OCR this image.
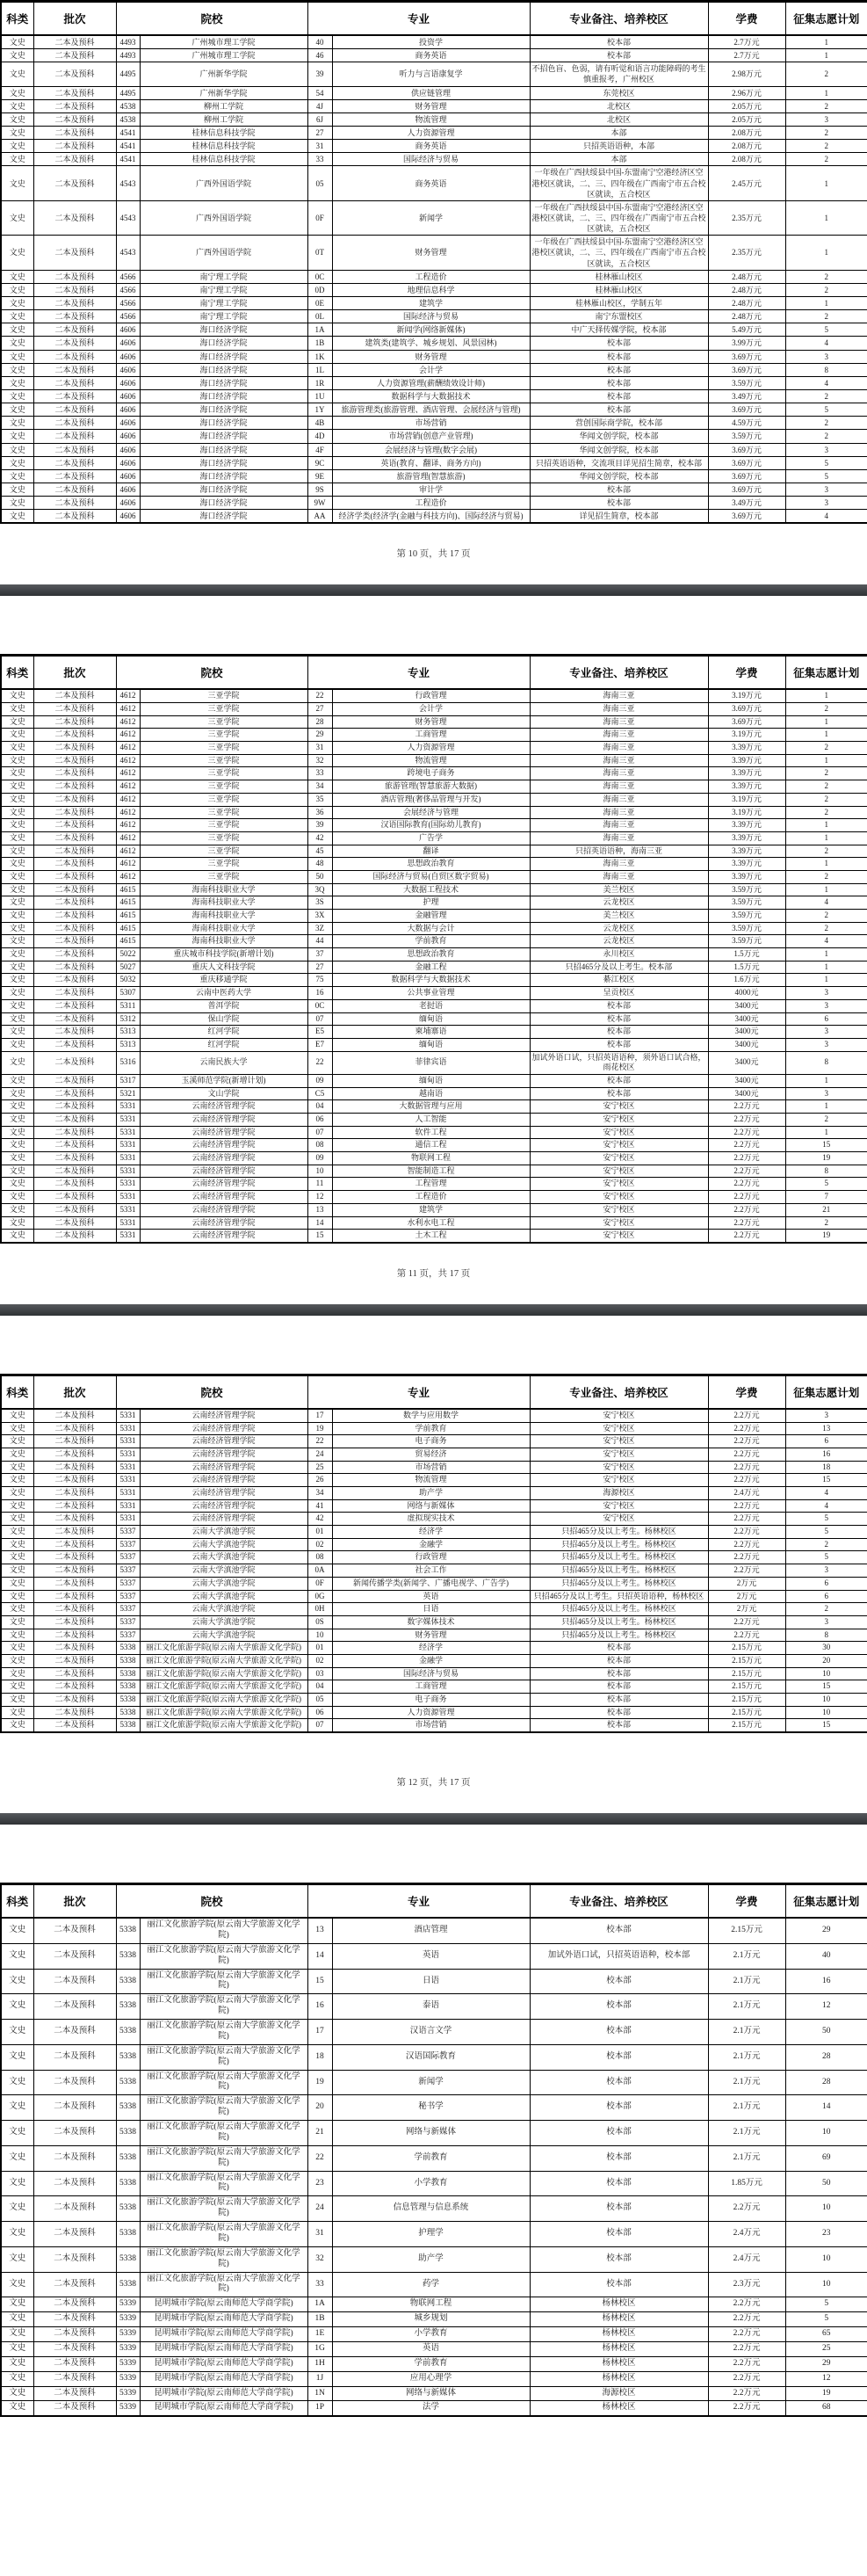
科类	批次	院校		专业		专业备注、培养校区	学费	征集志愿计划
文史	二本及预科	4493	广州城市理工学院	40	投资学	校本部	2.7万元	1
文史	二本及预科	4493	广州城市理工学院	46	商务英语	校本部	2.7万元	1
文史	二本及预科	4495	广州新华学院	39	听力与言语康复学	不招色盲、色弱，请有听觉和语言功能障碍的考生慎重报考，广州校区	2.98万元	2
文史	二本及预科	4495	广州新华学院	54	供应链管理	东莞校区	2.96万元	1
文史	二本及预科	4538	柳州工学院	4J	财务管理	北校区	2.05万元	2
文史	二本及预科	4538	柳州工学院	6J	物流管理	北校区	2.05万元	3
文史	二本及预科	4541	桂林信息科技学院	27	人力资源管理	本部	2.08万元	2
文史	二本及预科	4541	桂林信息科技学院	31	商务英语	只招英语语种，本部	2.08万元	2
文史	二本及预科	4541	桂林信息科技学院	33	国际经济与贸易	本部	2.08万元	2
文史	二本及预科	4543	广西外国语学院	05	商务英语	一年级在广西扶绥县中国-东盟南宁空港经济区空港校区就读，二、三、四年级在广西南宁市五合校区就读，五合校区	2.45万元	1
文史	二本及预科	4543	广西外国语学院	0F	新闻学	一年级在广西扶绥县中国-东盟南宁空港经济区空港校区就读，二、三、四年级在广西南宁市五合校区就读，五合校区	2.35万元	1
文史	二本及预科	4543	广西外国语学院	0T	财务管理	一年级在广西扶绥县中国-东盟南宁空港经济区空港校区就读，二、三、四年级在广西南宁市五合校区就读，五合校区	2.35万元	1
文史	二本及预科	4566	南宁理工学院	0C	工程造价	桂林雁山校区	2.48万元	2
文史	二本及预科	4566	南宁理工学院	0D	地理信息科学	桂林雁山校区	2.48万元	2
文史	二本及预科	4566	南宁理工学院	0E	建筑学	桂林雁山校区，学制五年	2.48万元	1
文史	二本及预科	4566	南宁理工学院	0L	国际经济与贸易	南宁东盟校区	2.48万元	2
文史	二本及预科	4606	海口经济学院	1A	新闻学(网络新媒体)	中广天择传媒学院，校本部	5.49万元	5
文史	二本及预科	4606	海口经济学院	1B	建筑类(建筑学、城乡规划、风景园林)	校本部	3.99万元	4
文史	二本及预科	4606	海口经济学院	1K	财务管理	校本部	3.69万元	3
文史	二本及预科	4606	海口经济学院	1L	会计学	校本部	3.69万元	8
文史	二本及预科	4606	海口经济学院	1R	人力资源管理(薪酬绩效设计师)	校本部	3.59万元	4
文史	二本及预科	4606	海口经济学院	1U	数据科学与大数据技术	校本部	3.49万元	2
文史	二本及预科	4606	海口经济学院	1Y	旅游管理类(旅游管理、酒店管理、会展经济与管理)	校本部	3.69万元	5
文史	二本及预科	4606	海口经济学院	4B	市场营销	营创国际商学院，校本部	4.59万元	2
文史	二本及预科	4606	海口经济学院	4D	市场营销(创意产业管理)	华闻文创学院，校本部	3.59万元	2
文史	二本及预科	4606	海口经济学院	4F	会展经济与管理(数字会展)	华闻文创学院，校本部	3.69万元	3
文史	二本及预科	4606	海口经济学院	9C	英语(教育、翻译、商务方向)	只招英语语种，交流项目详见招生简章，校本部	3.69万元	5
文史	二本及预科	4606	海口经济学院	9E	旅游管理(智慧旅游)	华闻文创学院，校本部	3.69万元	5
文史	二本及预科	4606	海口经济学院	9S	审计学	校本部	3.69万元	3
文史	二本及预科	4606	海口经济学院	9W	工程造价	校本部	3.49万元	3
文史	二本及预科	4606	海口经济学院	AA	经济学类(经济学(金融与科技方向)、国际经济与贸易)	详见招生简章，校本部	3.69万元	4
第 10 页，共 17 页
科类	批次	院校		专业		专业备注、培养校区	学费	征集志愿计划
文史	二本及预科	4612	三亚学院	22	行政管理	海南三亚	3.19万元	1
文史	二本及预科	4612	三亚学院	27	会计学	海南三亚	3.69万元	2
文史	二本及预科	4612	三亚学院	28	财务管理	海南三亚	3.69万元	1
文史	二本及预科	4612	三亚学院	29	工商管理	海南三亚	3.19万元	1
文史	二本及预科	4612	三亚学院	31	人力资源管理	海南三亚	3.39万元	2
文史	二本及预科	4612	三亚学院	32	物流管理	海南三亚	3.39万元	1
文史	二本及预科	4612	三亚学院	33	跨境电子商务	海南三亚	3.39万元	2
文史	二本及预科	4612	三亚学院	34	旅游管理(智慧旅游大数据)	海南三亚	3.39万元	2
文史	二本及预科	4612	三亚学院	35	酒店管理(奢侈品管理与开发)	海南三亚	3.19万元	2
文史	二本及预科	4612	三亚学院	36	会展经济与管理	海南三亚	3.19万元	2
文史	二本及预科	4612	三亚学院	39	汉语国际教育(国际幼儿教育)	海南三亚	3.39万元	1
文史	二本及预科	4612	三亚学院	42	广告学	海南三亚	3.39万元	1
文史	二本及预科	4612	三亚学院	45	翻译	只招英语语种，海南三亚	3.39万元	2
文史	二本及预科	4612	三亚学院	48	思想政治教育	海南三亚	3.39万元	1
文史	二本及预科	4612	三亚学院	50	国际经济与贸易(自贸区数字贸易)	海南三亚	3.39万元	2
文史	二本及预科	4615	海南科技职业大学	3Q	大数据工程技术	美兰校区	3.59万元	1
文史	二本及预科	4615	海南科技职业大学	3S	护理	云龙校区	3.59万元	4
文史	二本及预科	4615	海南科技职业大学	3X	金融管理	美兰校区	3.59万元	2
文史	二本及预科	4615	海南科技职业大学	3Z	大数据与会计	云龙校区	3.59万元	2
文史	二本及预科	4615	海南科技职业大学	44	学前教育	云龙校区	3.59万元	4
文史	二本及预科	5022	重庆城市科技学院(新增计划)	37	思想政治教育	永川校区	1.5万元	1
文史	二本及预科	5027	重庆人文科技学院	27	金融工程	只招465分及以上考生。校本部	1.5万元	1
文史	二本及预科	5032	重庆移通学院	75	数据科学与大数据技术	綦江校区	1.6万元	1
文史	二本及预科	5307	云南中医药大学	16	公共事业管理	呈贡校区	4000元	3
文史	二本及预科	5311	普洱学院	0C	老挝语	校本部	3400元	3
文史	二本及预科	5312	保山学院	07	缅甸语	校本部	3400元	6
文史	二本及预科	5313	红河学院	E5	柬埔寨语	校本部	3400元	3
文史	二本及预科	5313	红河学院	E7	缅甸语	校本部	3400元	3
文史	二本及预科	5316	云南民族大学	22	菲律宾语	加试外语口试，只招英语语种，须外语口试合格，雨花校区	3400元	8
文史	二本及预科	5317	玉溪师范学院(新增计划)	09	缅甸语	校本部	3400元	1
文史	二本及预科	5321	文山学院	C5	越南语	校本部	3400元	3
文史	二本及预科	5331	云南经济管理学院	04	大数据管理与应用	安宁校区	2.2万元	1
文史	二本及预科	5331	云南经济管理学院	06	人工智能	安宁校区	2.2万元	2
文史	二本及预科	5331	云南经济管理学院	07	软件工程	安宁校区	2.2万元	1
文史	二本及预科	5331	云南经济管理学院	08	通信工程	安宁校区	2.2万元	15
文史	二本及预科	5331	云南经济管理学院	09	物联网工程	安宁校区	2.2万元	19
文史	二本及预科	5331	云南经济管理学院	10	智能制造工程	安宁校区	2.2万元	8
文史	二本及预科	5331	云南经济管理学院	11	工程管理	安宁校区	2.2万元	5
文史	二本及预科	5331	云南经济管理学院	12	工程造价	安宁校区	2.2万元	7
文史	二本及预科	5331	云南经济管理学院	13	建筑学	安宁校区	2.2万元	21
文史	二本及预科	5331	云南经济管理学院	14	水利水电工程	安宁校区	2.2万元	2
文史	二本及预科	5331	云南经济管理学院	15	土木工程	安宁校区	2.2万元	19
第 11 页，共 17 页
科类	批次	院校		专业		专业备注、培养校区	学费	征集志愿计划
文史	二本及预科	5331	云南经济管理学院	17	数学与应用数学	安宁校区	2.2万元	3
文史	二本及预科	5331	云南经济管理学院	19	学前教育	安宁校区	2.2万元	13
文史	二本及预科	5331	云南经济管理学院	22	电子商务	安宁校区	2.2万元	6
文史	二本及预科	5331	云南经济管理学院	24	贸易经济	安宁校区	2.2万元	16
文史	二本及预科	5331	云南经济管理学院	25	市场营销	安宁校区	2.2万元	18
文史	二本及预科	5331	云南经济管理学院	26	物流管理	安宁校区	2.2万元	15
文史	二本及预科	5331	云南经济管理学院	34	助产学	海源校区	2.4万元	4
文史	二本及预科	5331	云南经济管理学院	41	网络与新媒体	安宁校区	2.2万元	4
文史	二本及预科	5331	云南经济管理学院	42	虚拟现实技术	安宁校区	2.2万元	5
文史	二本及预科	5337	云南大学滇池学院	01	经济学	只招465分及以上考生。杨林校区	2.2万元	5
文史	二本及预科	5337	云南大学滇池学院	02	金融学	只招465分及以上考生。杨林校区	2.2万元	2
文史	二本及预科	5337	云南大学滇池学院	08	行政管理	只招465分及以上考生。杨林校区	2.2万元	5
文史	二本及预科	5337	云南大学滇池学院	0A	社会工作	只招465分及以上考生。杨林校区	2.2万元	3
文史	二本及预科	5337	云南大学滇池学院	0F	新闻传播学类(新闻学、广播电视学、广告学)	只招465分及以上考生。杨林校区	2万元	6
文史	二本及预科	5337	云南大学滇池学院	0G	英语	只招465分及以上考生。只招英语语种，杨林校区	2万元	6
文史	二本及预科	5337	云南大学滇池学院	0H	日语	只招465分及以上考生。杨林校区	2万元	2
文史	二本及预科	5337	云南大学滇池学院	0S	数字媒体技术	只招465分及以上考生。杨林校区	2.2万元	3
文史	二本及预科	5337	云南大学滇池学院	10	财务管理	只招465分及以上考生。杨林校区	2.2万元	8
文史	二本及预科	5338	丽江文化旅游学院(原云南大学旅游文化学院)	01	经济学	校本部	2.15万元	30
文史	二本及预科	5338	丽江文化旅游学院(原云南大学旅游文化学院)	02	金融学	校本部	2.15万元	20
文史	二本及预科	5338	丽江文化旅游学院(原云南大学旅游文化学院)	03	国际经济与贸易	校本部	2.15万元	10
文史	二本及预科	5338	丽江文化旅游学院(原云南大学旅游文化学院)	04	工商管理	校本部	2.15万元	15
文史	二本及预科	5338	丽江文化旅游学院(原云南大学旅游文化学院)	05	电子商务	校本部	2.15万元	10
文史	二本及预科	5338	丽江文化旅游学院(原云南大学旅游文化学院)	06	人力资源管理	校本部	2.15万元	10
文史	二本及预科	5338	丽江文化旅游学院(原云南大学旅游文化学院)	07	市场营销	校本部	2.15万元	15
第 12 页，共 17 页
科类	批次	院校		专业		专业备注、培养校区	学费	征集志愿计划
文史	二本及预科	5338	丽江文化旅游学院(原云南大学旅游文化学院)	13	酒店管理	校本部	2.15万元	29
文史	二本及预科	5338	丽江文化旅游学院(原云南大学旅游文化学院)	14	英语	加试外语口试，只招英语语种，校本部	2.1万元	40
文史	二本及预科	5338	丽江文化旅游学院(原云南大学旅游文化学院)	15	日语	校本部	2.1万元	16
文史	二本及预科	5338	丽江文化旅游学院(原云南大学旅游文化学院)	16	泰语	校本部	2.1万元	12
文史	二本及预科	5338	丽江文化旅游学院(原云南大学旅游文化学院)	17	汉语言文学	校本部	2.1万元	50
文史	二本及预科	5338	丽江文化旅游学院(原云南大学旅游文化学院)	18	汉语国际教育	校本部	2.1万元	28
文史	二本及预科	5338	丽江文化旅游学院(原云南大学旅游文化学院)	19	新闻学	校本部	2.1万元	28
文史	二本及预科	5338	丽江文化旅游学院(原云南大学旅游文化学院)	20	秘书学	校本部	2.1万元	14
文史	二本及预科	5338	丽江文化旅游学院(原云南大学旅游文化学院)	21	网络与新媒体	校本部	2.1万元	10
文史	二本及预科	5338	丽江文化旅游学院(原云南大学旅游文化学院)	22	学前教育	校本部	2.1万元	69
文史	二本及预科	5338	丽江文化旅游学院(原云南大学旅游文化学院)	23	小学教育	校本部	1.85万元	50
文史	二本及预科	5338	丽江文化旅游学院(原云南大学旅游文化学院)	24	信息管理与信息系统	校本部	2.2万元	10
文史	二本及预科	5338	丽江文化旅游学院(原云南大学旅游文化学院)	31	护理学	校本部	2.4万元	23
文史	二本及预科	5338	丽江文化旅游学院(原云南大学旅游文化学院)	32	助产学	校本部	2.4万元	10
文史	二本及预科	5338	丽江文化旅游学院(原云南大学旅游文化学院)	33	药学	校本部	2.3万元	10
文史	二本及预科	5339	昆明城市学院(原云南师范大学商学院)	1A	物联网工程	杨林校区	2.2万元	5
文史	二本及预科	5339	昆明城市学院(原云南师范大学商学院)	1B	城乡规划	杨林校区	2.2万元	5
文史	二本及预科	5339	昆明城市学院(原云南师范大学商学院)	1E	小学教育	杨林校区	2.2万元	65
文史	二本及预科	5339	昆明城市学院(原云南师范大学商学院)	1G	英语	杨林校区	2.2万元	25
文史	二本及预科	5339	昆明城市学院(原云南师范大学商学院)	1H	学前教育	杨林校区	2.2万元	29
文史	二本及预科	5339	昆明城市学院(原云南师范大学商学院)	1J	应用心理学	杨林校区	2.2万元	12
文史	二本及预科	5339	昆明城市学院(原云南师范大学商学院)	1N	网络与新媒体	海源校区	2.2万元	19
文史	二本及预科	5339	昆明城市学院(原云南师范大学商学院)	1P	法学	杨林校区	2.2万元	68
